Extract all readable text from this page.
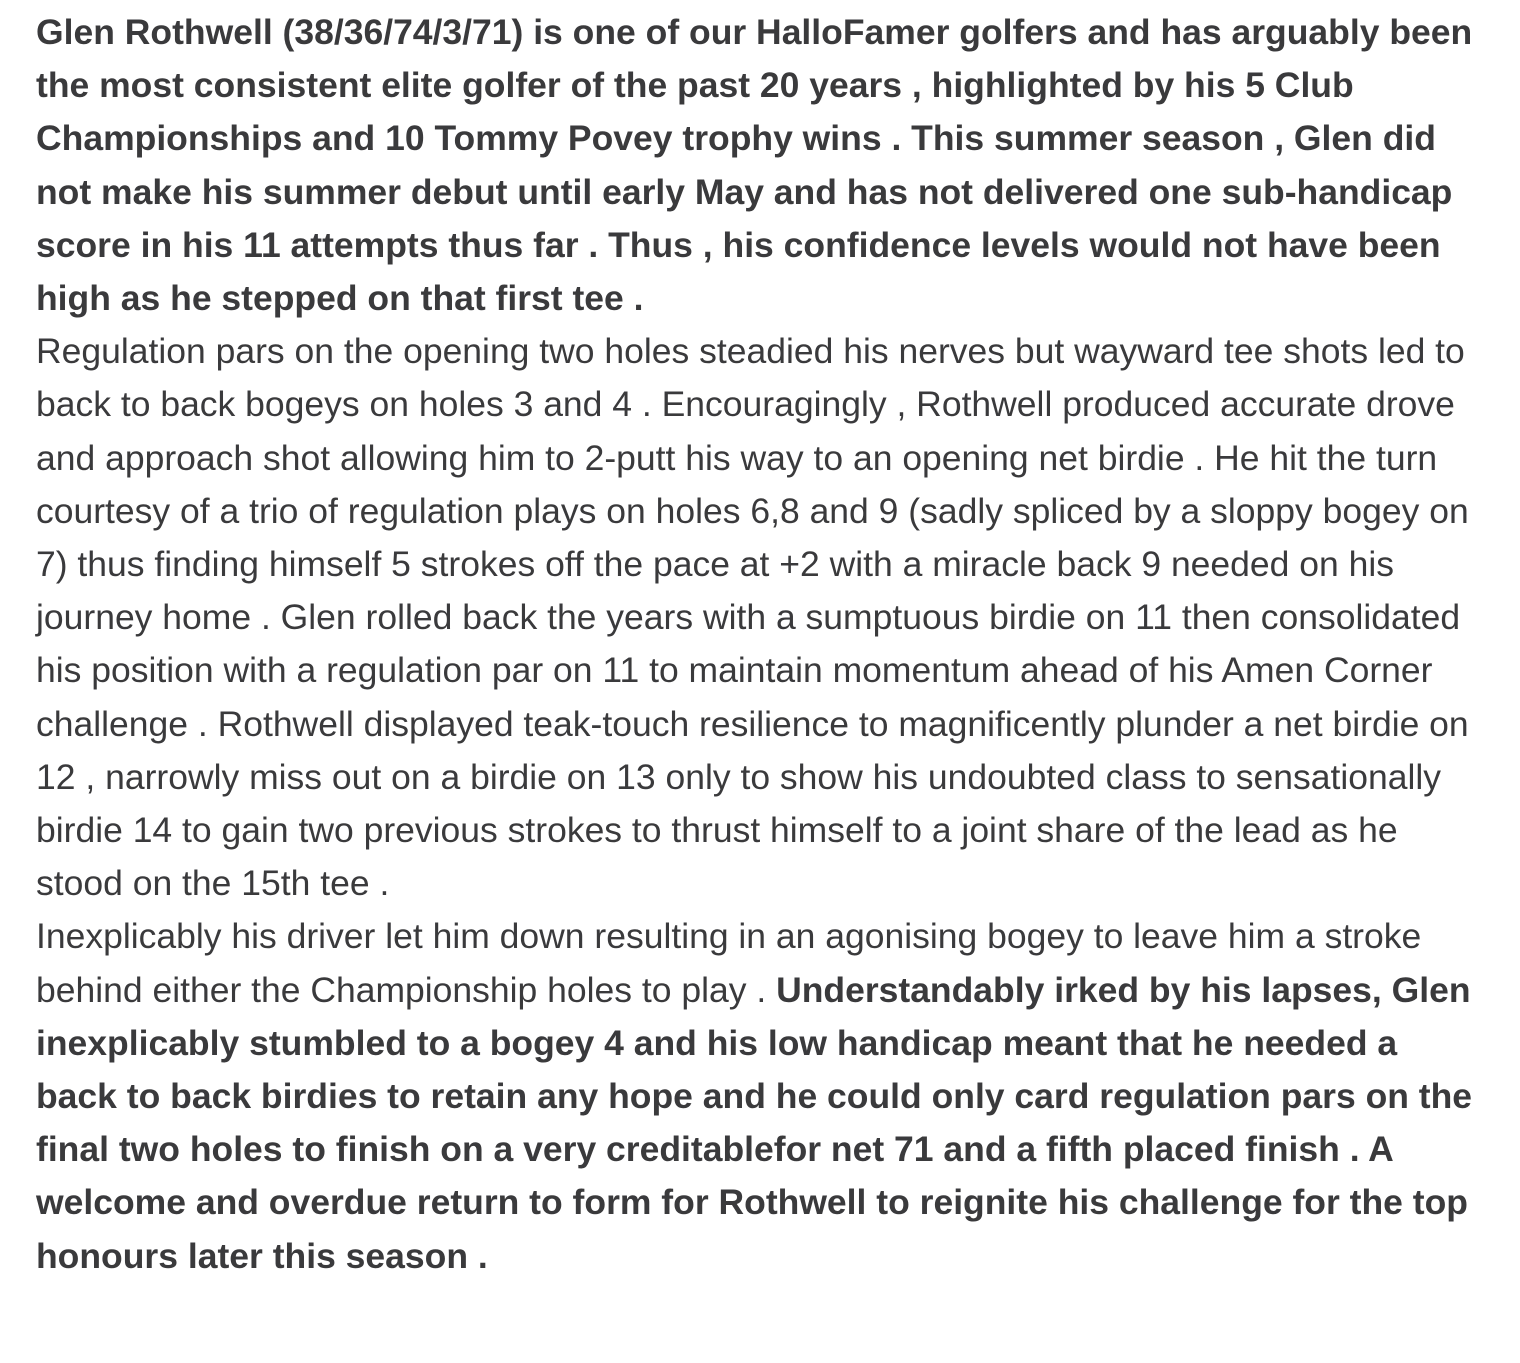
Glen Rothwell (38/36/74/3/71) is one of our HalloFamer golfers and has arguably been the most consistent elite golfer of the past 20 years , highlighted by his 5 Club Championships and 10 Tommy Povey trophy wins . This summer season , Glen did not make his summer debut until early May and has not delivered one sub-handicap score in his 11 attempts thus far . Thus , his confidence levels would not have been high as he stepped on that first tee .

Regulation pars on the opening two holes steadied his nerves but wayward tee shots led to back to back bogeys on holes 3 and 4 . Encouragingly , Rothwell produced accurate drove and approach shot allowing him to 2-putt his way to an opening net birdie . He hit the turn courtesy of a trio of regulation plays on holes 6,8 and 9 (sadly spliced by a sloppy bogey on 7) thus finding himself 5 strokes off the pace at +2 with a miracle back 9 needed on his journey home . Glen rolled back the years with a sumptuous birdie on 11 then consolidated his position with a regulation par on 11 to maintain momentum ahead of his Amen Corner challenge . Rothwell displayed teak-touch resilience to magnificently plunder a net birdie on 12 , narrowly miss out on a birdie on 13 only to show his undoubted class to sensationally birdie 14 to gain two previous strokes to thrust himself to a joint share of the lead as he stood on the 15th tee .

Inexplicably his driver let him down resulting in an agonising bogey to leave him a stroke behind either the Championship holes to play . Understandably irked by his lapses, Glen inexplicably stumbled to a bogey 4 and his low handicap meant that he needed a back to back birdies to retain any hope and he could only card regulation pars on the final two holes to finish on a very creditablefor net 71 and a fifth placed finish . A welcome and overdue return to form for Rothwell to reignite his challenge for the top honours later this season .
